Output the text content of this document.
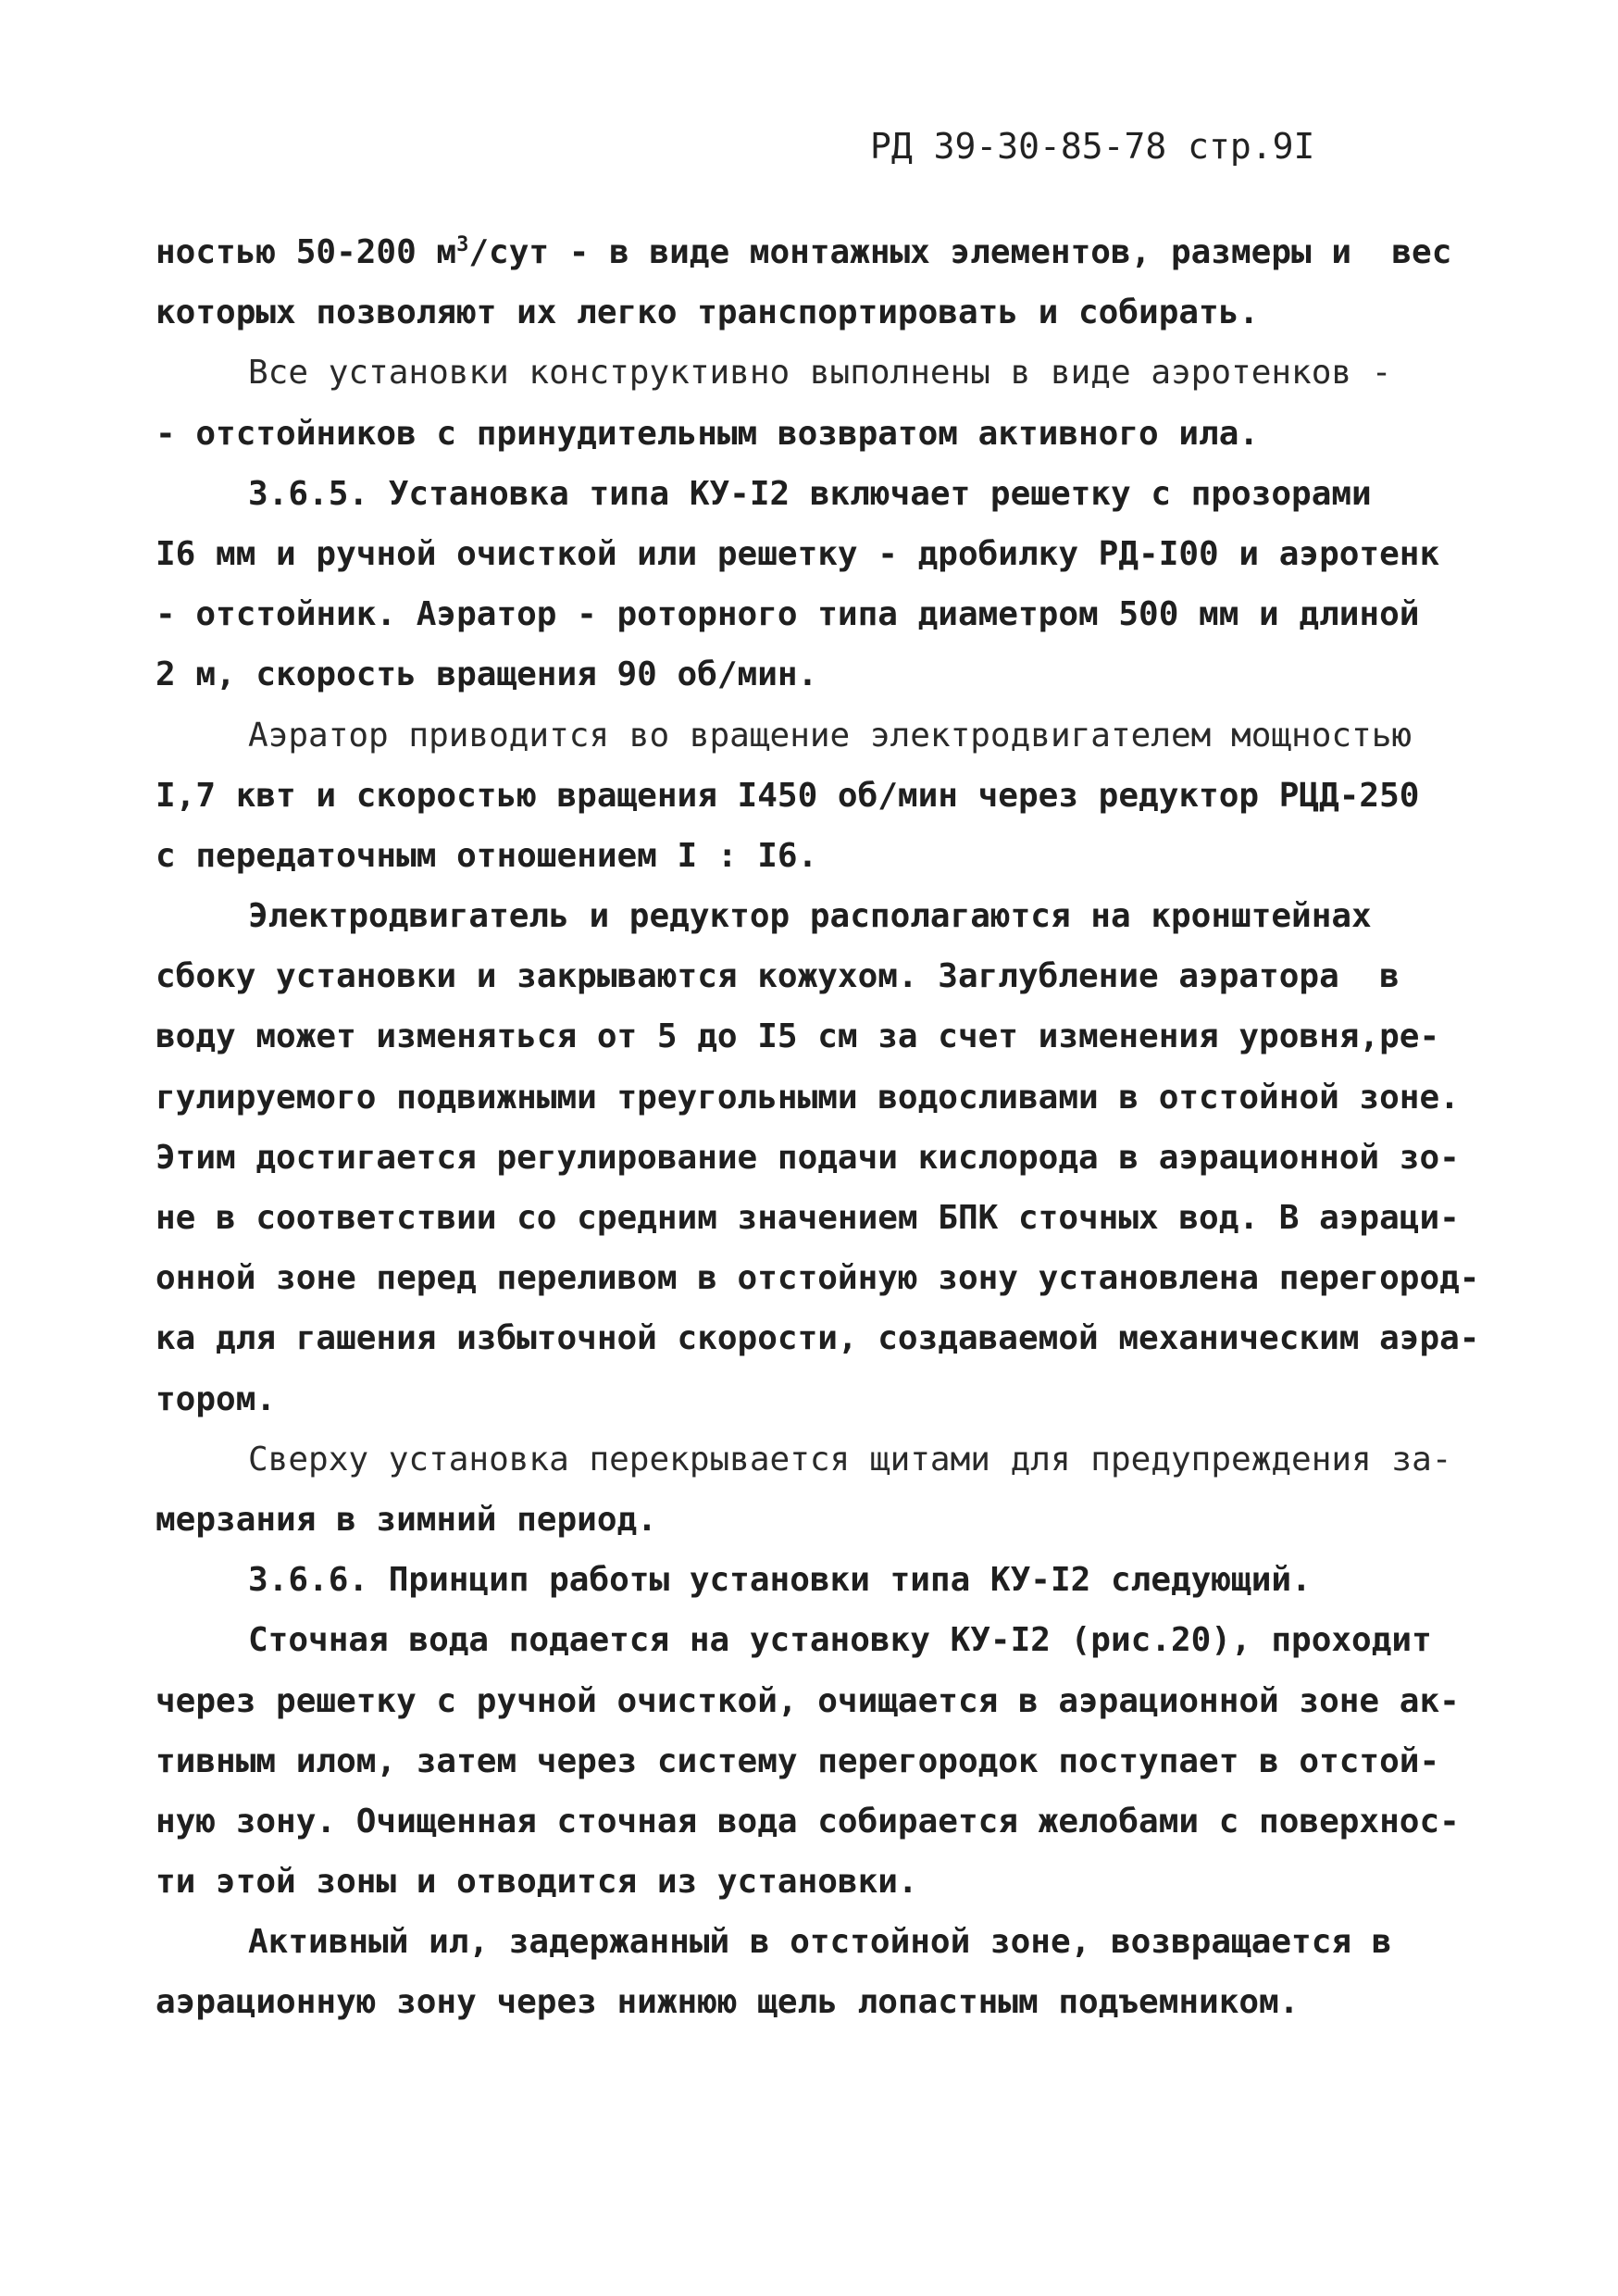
РД 39-30-85-78 стр.9I
ностью 50-200 $м^3$/сут - в виде монтажных элементов, размеры и  вес
которых позволяют их легко транспортировать и собирать.
Все установки конструктивно выполнены в виде аэротенков -
- отстойников с принудительным возвратом активного ила.
3.6.5. Установка типа КУ-I2 включает решетку с прозорами
I6 мм и ручной очисткой или решетку - дробилку РД-I00 и аэротенк
- отстойник. Аэратор - роторного типа диаметром 500 мм и длиной
2 м, скорость вращения 90 об/мин.
Аэратор приводится во вращение электродвигателем мощностью
I,7 квт и скоростью вращения I450 об/мин через редуктор РЦД-250
с передаточным отношением I : I6.
Электродвигатель и редуктор располагаются на кронштейнах
сбоку установки и закрываются кожухом. Заглубление аэратора  в
воду может изменяться от 5 до I5 см за счет изменения уровня,ре-
гулируемого подвижными треугольными водосливами в отстойной зоне.
Этим достигается регулирование подачи кислорода в аэрационной зо-
не в соответствии со средним значением БПК сточных вод. В аэраци-
онной зоне перед переливом в отстойную зону установлена перегород-
ка для гашения избыточной скорости, создаваемой механическим аэра-
тором.
Сверху установка перекрывается щитами для предупреждения за-
мерзания в зимний период.
3.6.6. Принцип работы установки типа КУ-I2 следующий.
Сточная вода подается на установку КУ-I2 (рис.20), проходит
через решетку с ручной очисткой, очищается в аэрационной зоне ак-
тивным илом, затем через систему перегородок поступает в отстой-
ную зону. Очищенная сточная вода собирается желобами с поверхнос-
ти этой зоны и отводится из установки.
Активный ил, задержанный в отстойной зоне, возвращается в
аэрационную зону через нижнюю щель лопастным подъемником.
